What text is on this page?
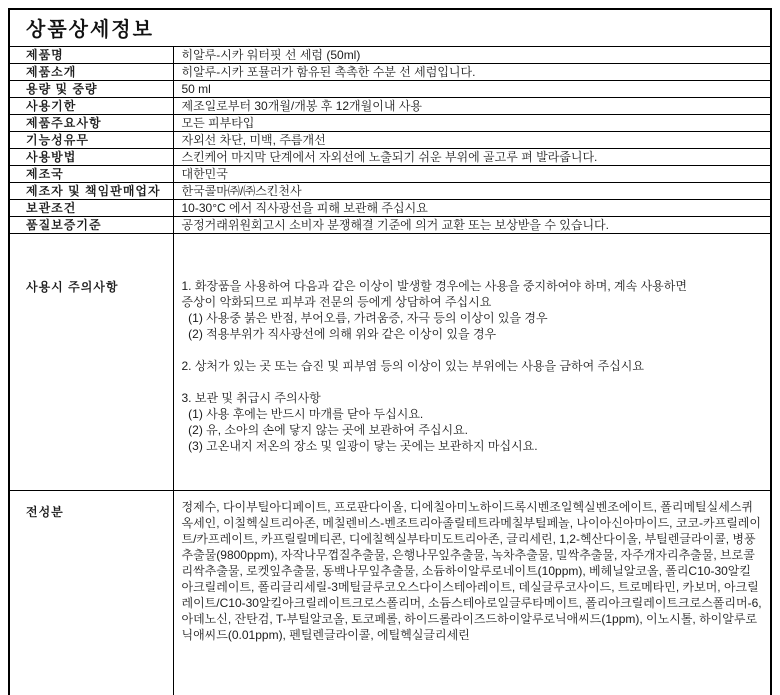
상품상세정보	
제품명	히알루-시카 워터핏 선 세럼 (50ml)
제품소개	히알루-시카 포뮬러가 함유된 촉촉한 수분 선 세럼입니다.
용량 및 중량	50 ml
사용기한	제조일로부터 30개월/개봉 후 12개월이내 사용
제품주요사항	모든 피부타입
기능성유무	자외선 차단, 미백, 주름개선
사용방법	스킨케어 마지막 단계에서 자외선에 노출되기 쉬운 부위에 골고루 펴 발라줍니다.
제조국	대한민국
제조자 및 책임판매업자	한국콜마㈜/㈜스킨천사
보관조건	10-30°C 에서 직사광선을 피해 보관해 주십시요
품질보증기준	공정거래위원회고시 소비자 분쟁해결 기준에 의거 교환 또는 보상받을 수 있습니다.
사용시 주의사항	1. 화장품을 사용하여 다음과 같은 이상이 발생할 경우에는 사용을 중지하여야 하며, 계속 사용하면
증상이 악화되므로 피부과 전문의 등에게 상담하여 주십시요
(1) 사용중 붉은 반점, 부어오름, 가려움증, 자극 등의 이상이 있을 경우
(2) 적용부위가 직사광선에 의해 위와 같은 이상이 있을 경우
2. 상처가 있는 곳 또는 습진 및 피부염 등의 이상이 있는 부위에는 사용을 금하여 주십시요
3. 보관 및 취급시 주의사항
(1) 사용 후에는 반드시 마개를 닫아 두십시요.
(2) 유, 소아의 손에 닿지 않는 곳에 보관하여 주십시요.
(3) 고온내지 저온의 장소 및 일광이 닿는 곳에는 보관하지 마십시요.

전성분	정제수, 다이부틸아디페이트, 프로판다이올, 디에칠아미노하이드록시벤조일헥실벤조에이트, 폴리메틸실세스퀴옥세인, 이칠헥실트리아존, 메칠렌비스-벤조트리아졸릴테트라메칠부틸페놀, 나이아신아마이드, 코코-카프릴레이트/카프레이트, 카프릴릴메티콘, 디에칠헥실부타미도트리아존, 글리세린, 1,2-헥산다이올, 부틸렌글라이콜, 병풍추출물(9800ppm), 자작나무껍질추출물, 은행나무잎추출물, 녹차추출물, 밀싹추출물, 자주개자리추출물, 브로콜리싹추출물, 로켓잎추출물, 동백나무잎추출물, 소듐하이알루로네이트(10ppm), 베헤닐알코올, 폴리C10-30알킬아크릴레이트, 폴리글리세릴-3메틸글루코오스다이스테아레이트, 데실글루코사이드, 트로메타민, 카보머, 아크릴레이트/C10-30알킬아크릴레이트크로스폴리머, 소듐스테아로일글루타메이트, 폴리아크릴레이트크로스폴리머-6, 아데노신, 잔탄검, T-부틸알코올, 토코페롤, 하이드롤라이즈드하이알루로닉애씨드(1ppm), 이노시톨, 하이알루로닉애씨드(0.01ppm), 펜틸렌글라이콜, 에틸헥실글리세린
